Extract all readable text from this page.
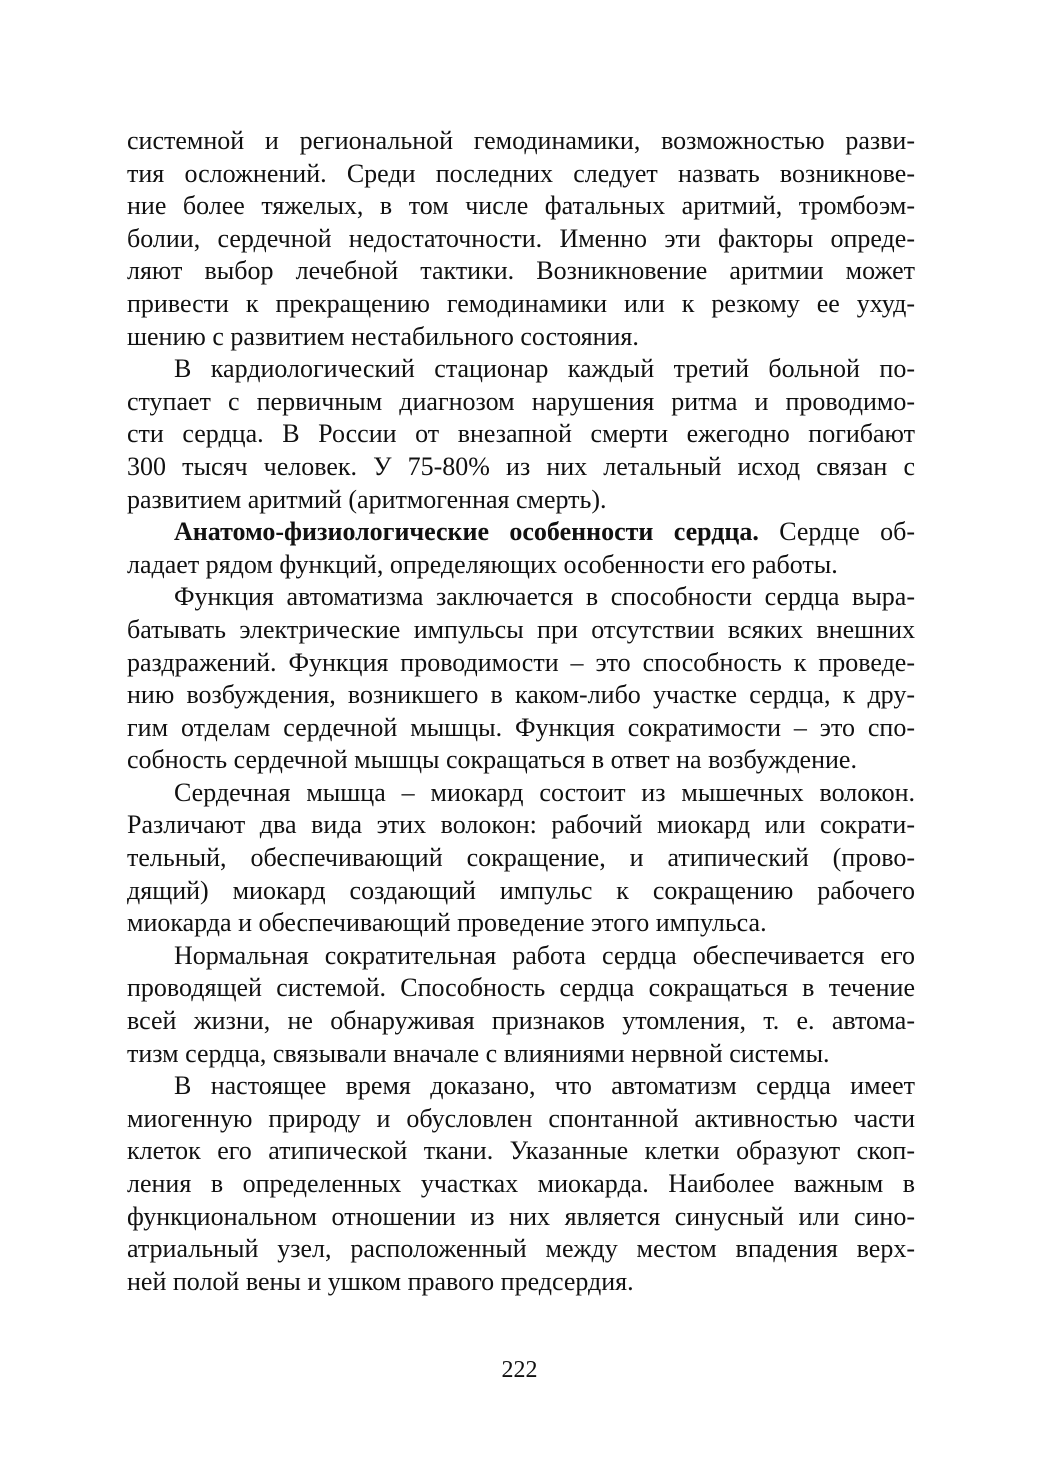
системной и региональной гемодинамики, возможностью разви-
тия осложнений. Среди последних следует назвать возникнове-
ние более тяжелых, в том числе фатальных аритмий, тромбоэм-
болии, сердечной недостаточности. Именно эти факторы опреде-
ляют выбор лечебной тактики. Возникновение аритмии может
привести к прекращению гемодинамики или к резкому ее ухуд-
шению с развитием нестабильного состояния.
В кардиологический стационар каждый третий больной по-
ступает с первичным диагнозом нарушения ритма и проводимо-
сти сердца. В России от внезапной смерти ежегодно погибают
300 тысяч человек. У 75-80% из них летальный исход связан с
развитием аритмий (аритмогенная смерть).
Анатомо-физиологические особенности сердца. Сердце об-
ладает рядом функций, определяющих особенности его работы.
Функция автоматизма заключается в способности сердца выра-
батывать электрические импульсы при отсутствии всяких внешних
раздражений. Функция проводимости – это способность к проведе-
нию возбуждения, возникшего в каком-либо участке сердца, к дру-
гим отделам сердечной мышцы. Функция сократимости – это спо-
собность сердечной мышцы сокращаться в ответ на возбуждение.
Сердечная мышца – миокард состоит из мышечных волокон.
Различают два вида этих волокон: рабочий миокард или сократи-
тельный, обеспечивающий сокращение, и атипический (прово-
дящий) миокард создающий импульс к сокращению рабочего
миокарда и обеспечивающий проведение этого импульса.
Нормальная сократительная работа сердца обеспечивается его
проводящей системой. Способность сердца сокращаться в течение
всей жизни, не обнаруживая признаков утомления, т. е. автома-
тизм сердца, связывали вначале с влияниями нервной системы.
В настоящее время доказано, что автоматизм сердца имеет
миогенную природу и обусловлен спонтанной активностью части
клеток его атипической ткани. Указанные клетки образуют скоп-
ления в определенных участках миокарда. Наиболее важным в
функциональном отношении из них является синусный или сино-
атриальный узел, расположенный между местом впадения верх-
ней полой вены и ушком правого предсердия.
222
